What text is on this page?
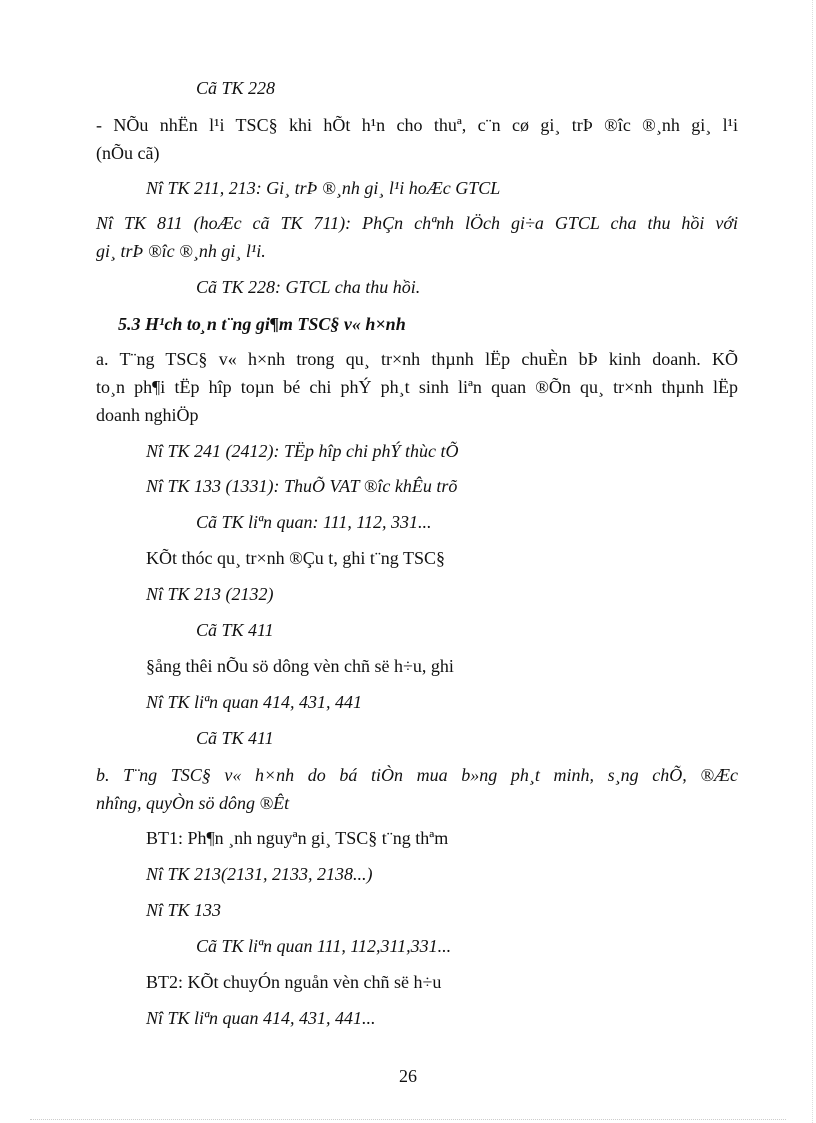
Cã TK 228
- NÕu nhËn l¹i TSC§ khi hÕt h¹n cho thuª, c¨n cø gi¸ trÞ ®îc ®¸nh gi¸ l¹i
(nÕu cã)
Nî TK 211, 213: Gi¸ trÞ ®¸nh gi¸ l¹i hoÆc GTCL
Nî TK 811 (hoÆc cã TK 711): PhÇn chªnh lÖch gi÷a GTCL cha thu hồi với
gi¸ trÞ ®îc ®¸nh gi¸ l¹i.
Cã TK 228: GTCL cha thu hồi.
5.3 H¹ch to¸n t¨ng gi¶m TSC§ v« h×nh
a. T¨ng TSC§ v« h×nh trong qu¸ tr×nh thµnh lËp chuÈn bÞ kinh doanh. KÕ
to¸n ph¶i tËp hîp toµn bé chi phÝ ph¸t sinh liªn quan ®Õn qu¸ tr×nh thµnh lËp
doanh nghiÖp
Nî TK 241 (2412): TËp hîp chi phÝ thùc tÕ
Nî TK 133 (1331): ThuÕ VAT ®îc khÊu trõ
Cã TK liªn quan: 111, 112, 331...
KÕt thóc qu¸ tr×nh ®Çu t, ghi t¨ng TSC§
Nî TK 213 (2132)
Cã TK 411
§ång thêi nÕu sö dông vèn chñ së h÷u, ghi
Nî TK liªn quan 414, 431, 441
Cã TK 411
b. T¨ng TSC§ v« h×nh do bá tiÒn mua b»ng ph¸t minh, s¸ng chÕ, ®Æc
nhîng, quyÒn sö dông ®Êt
BT1: Ph¶n ¸nh nguyªn gi¸ TSC§ t¨ng thªm
Nî TK 213(2131, 2133, 2138...)
Nî TK 133
Cã TK liªn quan 111, 112,311,331...
BT2: KÕt chuyÓn nguån vèn chñ së h÷u
Nî TK liªn quan 414, 431, 441...
26
